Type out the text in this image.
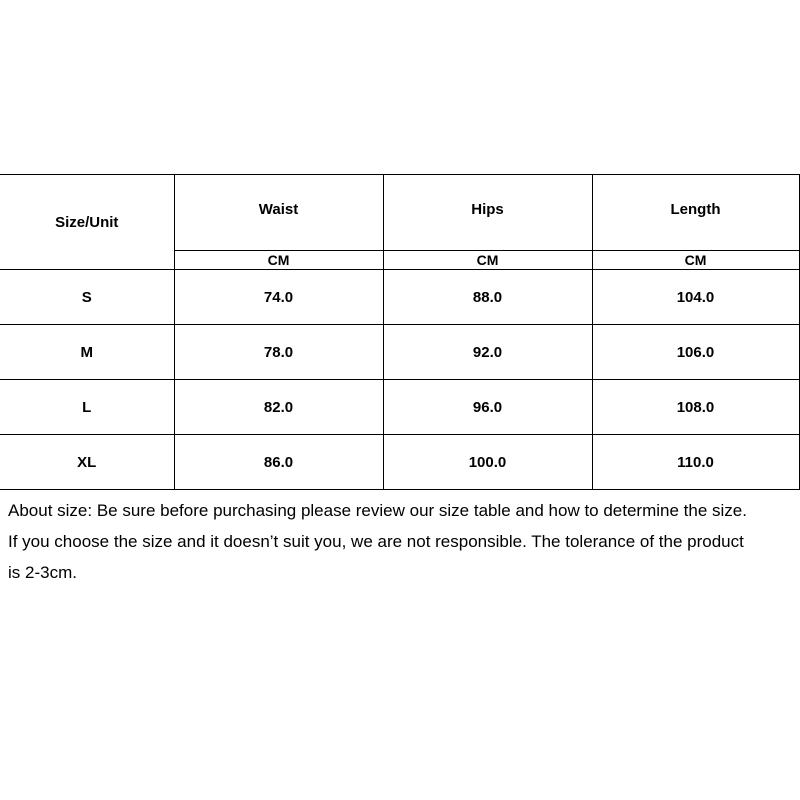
Size/Unit	Waist	Hips	Length
	CM	CM	CM
S	74.0	88.0	104.0
M	78.0	92.0	106.0
L	82.0	96.0	108.0
XL	86.0	100.0	110.0
About size: Be sure before purchasing please review our size table and how to determine the size.
If you choose the size and it doesn’t suit you, we are not responsible. The tolerance of the product
is 2-3cm.
